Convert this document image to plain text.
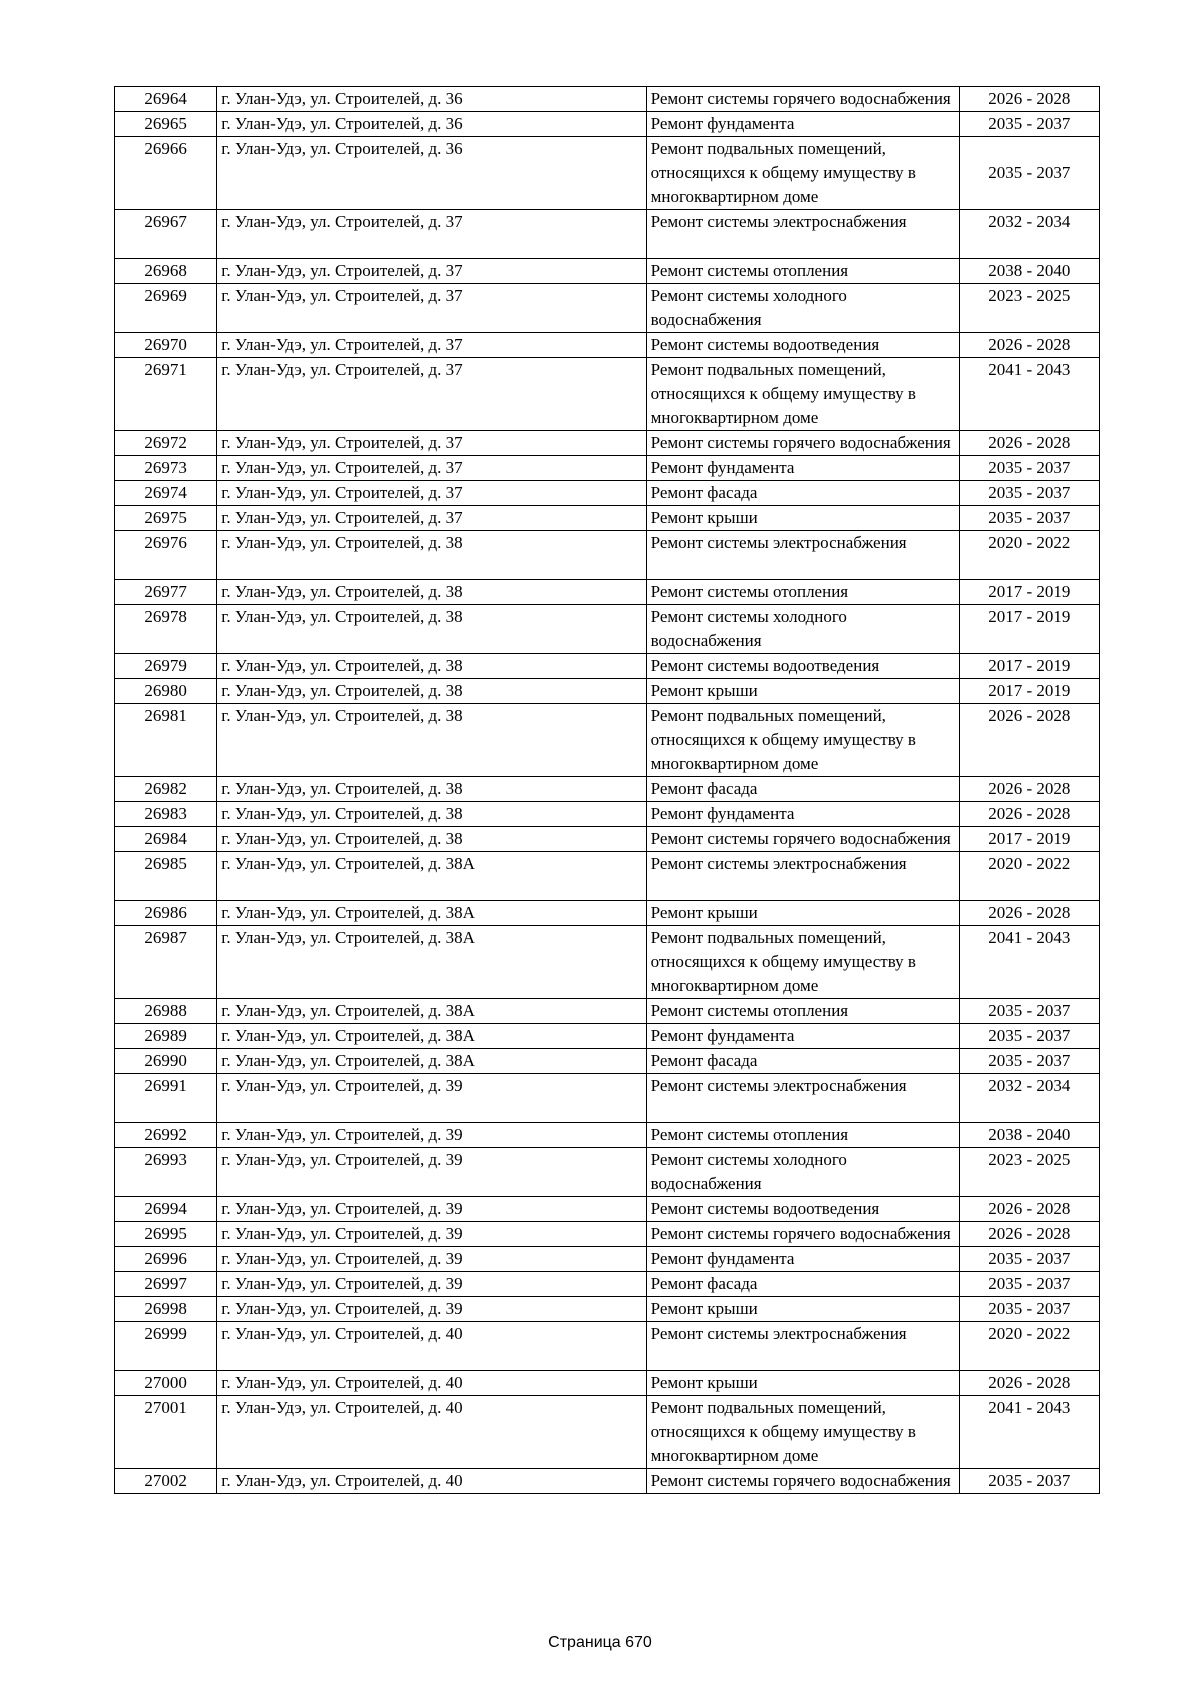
26964	г. Улан-Удэ, ул. Строителей, д. 36	Ремонт системы горячего водоснабжения	2026 - 2028
26965	г. Улан-Удэ, ул. Строителей, д. 36	Ремонт фундамента	2035 - 2037
26966	г. Улан-Удэ, ул. Строителей, д. 36	Ремонт подвальных помещений, относящихся к общему имуществу в многоквартирном доме	2035 - 2037
26967	г. Улан-Удэ, ул. Строителей, д. 37	Ремонт системы электроснабжения	2032 - 2034
26968	г. Улан-Удэ, ул. Строителей, д. 37	Ремонт системы отопления	2038 - 2040
26969	г. Улан-Удэ, ул. Строителей, д. 37	Ремонт системы холодного водоснабжения	2023 - 2025
26970	г. Улан-Удэ, ул. Строителей, д. 37	Ремонт системы водоотведения	2026 - 2028
26971	г. Улан-Удэ, ул. Строителей, д. 37	Ремонт подвальных помещений, относящихся к общему имуществу в многоквартирном доме	2041 - 2043
26972	г. Улан-Удэ, ул. Строителей, д. 37	Ремонт системы горячего водоснабжения	2026 - 2028
26973	г. Улан-Удэ, ул. Строителей, д. 37	Ремонт фундамента	2035 - 2037
26974	г. Улан-Удэ, ул. Строителей, д. 37	Ремонт фасада	2035 - 2037
26975	г. Улан-Удэ, ул. Строителей, д. 37	Ремонт крыши	2035 - 2037
26976	г. Улан-Удэ, ул. Строителей, д. 38	Ремонт системы электроснабжения	2020 - 2022
26977	г. Улан-Удэ, ул. Строителей, д. 38	Ремонт системы отопления	2017 - 2019
26978	г. Улан-Удэ, ул. Строителей, д. 38	Ремонт системы холодного водоснабжения	2017 - 2019
26979	г. Улан-Удэ, ул. Строителей, д. 38	Ремонт системы водоотведения	2017 - 2019
26980	г. Улан-Удэ, ул. Строителей, д. 38	Ремонт крыши	2017 - 2019
26981	г. Улан-Удэ, ул. Строителей, д. 38	Ремонт подвальных помещений, относящихся к общему имуществу в многоквартирном доме	2026 - 2028
26982	г. Улан-Удэ, ул. Строителей, д. 38	Ремонт фасада	2026 - 2028
26983	г. Улан-Удэ, ул. Строителей, д. 38	Ремонт фундамента	2026 - 2028
26984	г. Улан-Удэ, ул. Строителей, д. 38	Ремонт системы горячего водоснабжения	2017 - 2019
26985	г. Улан-Удэ, ул. Строителей, д. 38А	Ремонт системы электроснабжения	2020 - 2022
26986	г. Улан-Удэ, ул. Строителей, д. 38А	Ремонт крыши	2026 - 2028
26987	г. Улан-Удэ, ул. Строителей, д. 38А	Ремонт подвальных помещений, относящихся к общему имуществу в многоквартирном доме	2041 - 2043
26988	г. Улан-Удэ, ул. Строителей, д. 38А	Ремонт системы отопления	2035 - 2037
26989	г. Улан-Удэ, ул. Строителей, д. 38А	Ремонт фундамента	2035 - 2037
26990	г. Улан-Удэ, ул. Строителей, д. 38А	Ремонт фасада	2035 - 2037
26991	г. Улан-Удэ, ул. Строителей, д. 39	Ремонт системы электроснабжения	2032 - 2034
26992	г. Улан-Удэ, ул. Строителей, д. 39	Ремонт системы отопления	2038 - 2040
26993	г. Улан-Удэ, ул. Строителей, д. 39	Ремонт системы холодного водоснабжения	2023 - 2025
26994	г. Улан-Удэ, ул. Строителей, д. 39	Ремонт системы водоотведения	2026 - 2028
26995	г. Улан-Удэ, ул. Строителей, д. 39	Ремонт системы горячего водоснабжения	2026 - 2028
26996	г. Улан-Удэ, ул. Строителей, д. 39	Ремонт фундамента	2035 - 2037
26997	г. Улан-Удэ, ул. Строителей, д. 39	Ремонт фасада	2035 - 2037
26998	г. Улан-Удэ, ул. Строителей, д. 39	Ремонт крыши	2035 - 2037
26999	г. Улан-Удэ, ул. Строителей, д. 40	Ремонт системы электроснабжения	2020 - 2022
27000	г. Улан-Удэ, ул. Строителей, д. 40	Ремонт крыши	2026 - 2028
27001	г. Улан-Удэ, ул. Строителей, д. 40	Ремонт подвальных помещений, относящихся к общему имуществу в многоквартирном доме	2041 - 2043
27002	г. Улан-Удэ, ул. Строителей, д. 40	Ремонт системы горячего водоснабжения	2035 - 2037
Страница 670
